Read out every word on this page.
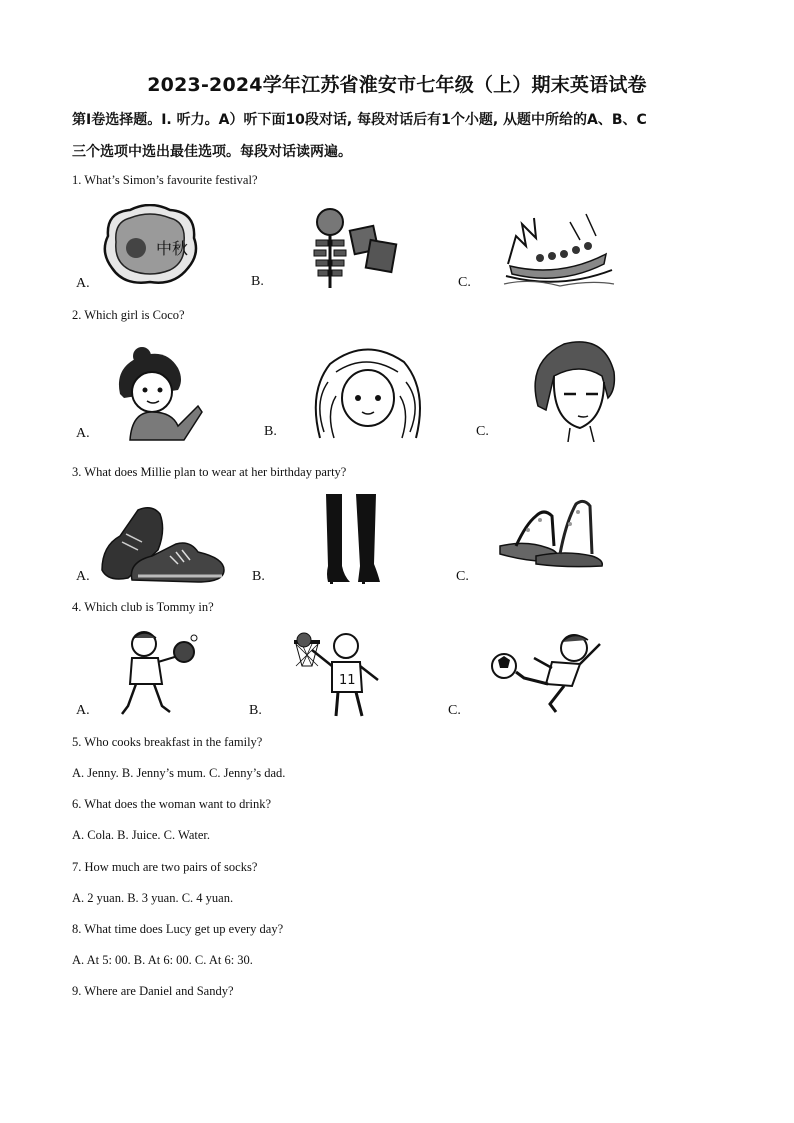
2023-2024学年江苏省淮安市七年级（上）期末英语试卷
第I卷选择题。I. 听力。A）听下面10段对话, 每段对话后有1个小题, 从题中所给的A、B、C
三个选项中选出最佳选项。每段对话读两遍。
1. What’s Simon’s favourite festival?
A.
中秋
B.	C.
2. Which girl is Coco?
A.	B.	C.
3. What does Millie plan to wear at her birthday party?
A.	B.	C.
4. Which club is Tommy in?
A.	B.
11
C.
5. Who cooks breakfast in the family?
A. Jenny. B. Jenny’s mum. C. Jenny’s dad.
6. What does the woman want to drink?
A. Cola. B. Juice. C. Water.
7. How much are two pairs of socks?
A. 2 yuan. B. 3 yuan. C. 4 yuan.
8. What time does Lucy get up every day?
A. At 5: 00. B. At 6: 00. C. At 6: 30.
9. Where are Daniel and Sandy?
